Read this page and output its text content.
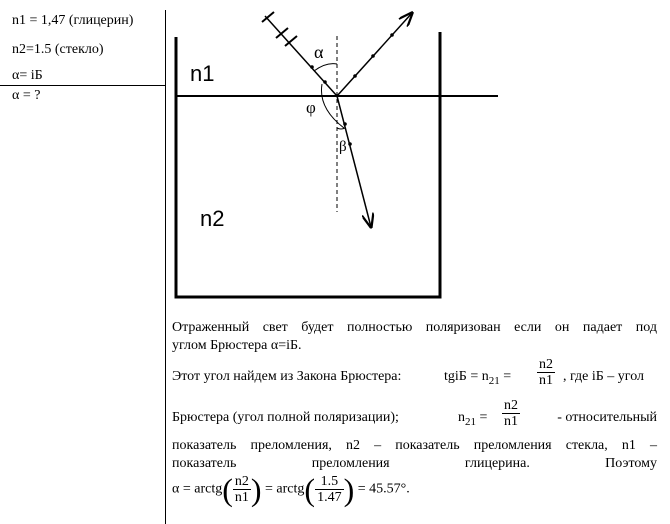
n1 = 1,47 (глицерин)
n2=1.5 (стекло)
α= iБ
α = ?
n1
n2
α
φ
β
Отраженный свет будет полностью поляризован если он падает под
углом Брюстера α=iБ.
Этот угол найдем из Закона Брюстера:	tgiБ = $n_{21} = \frac{n2}{n1}$ , где iБ – угол
Брюстера (угол полной поляризации);	$n_{21} = \frac{n2}{n1}$	- относительный
показатель преломления, n2 – показатель преломления стекла, n1 –
показатель преломления глицерина. Поэтому
α = arctg( $\frac{n2}{n1}$ ) = arctg( $\frac{1.5}{1.47}$ ) = 45.57°.
